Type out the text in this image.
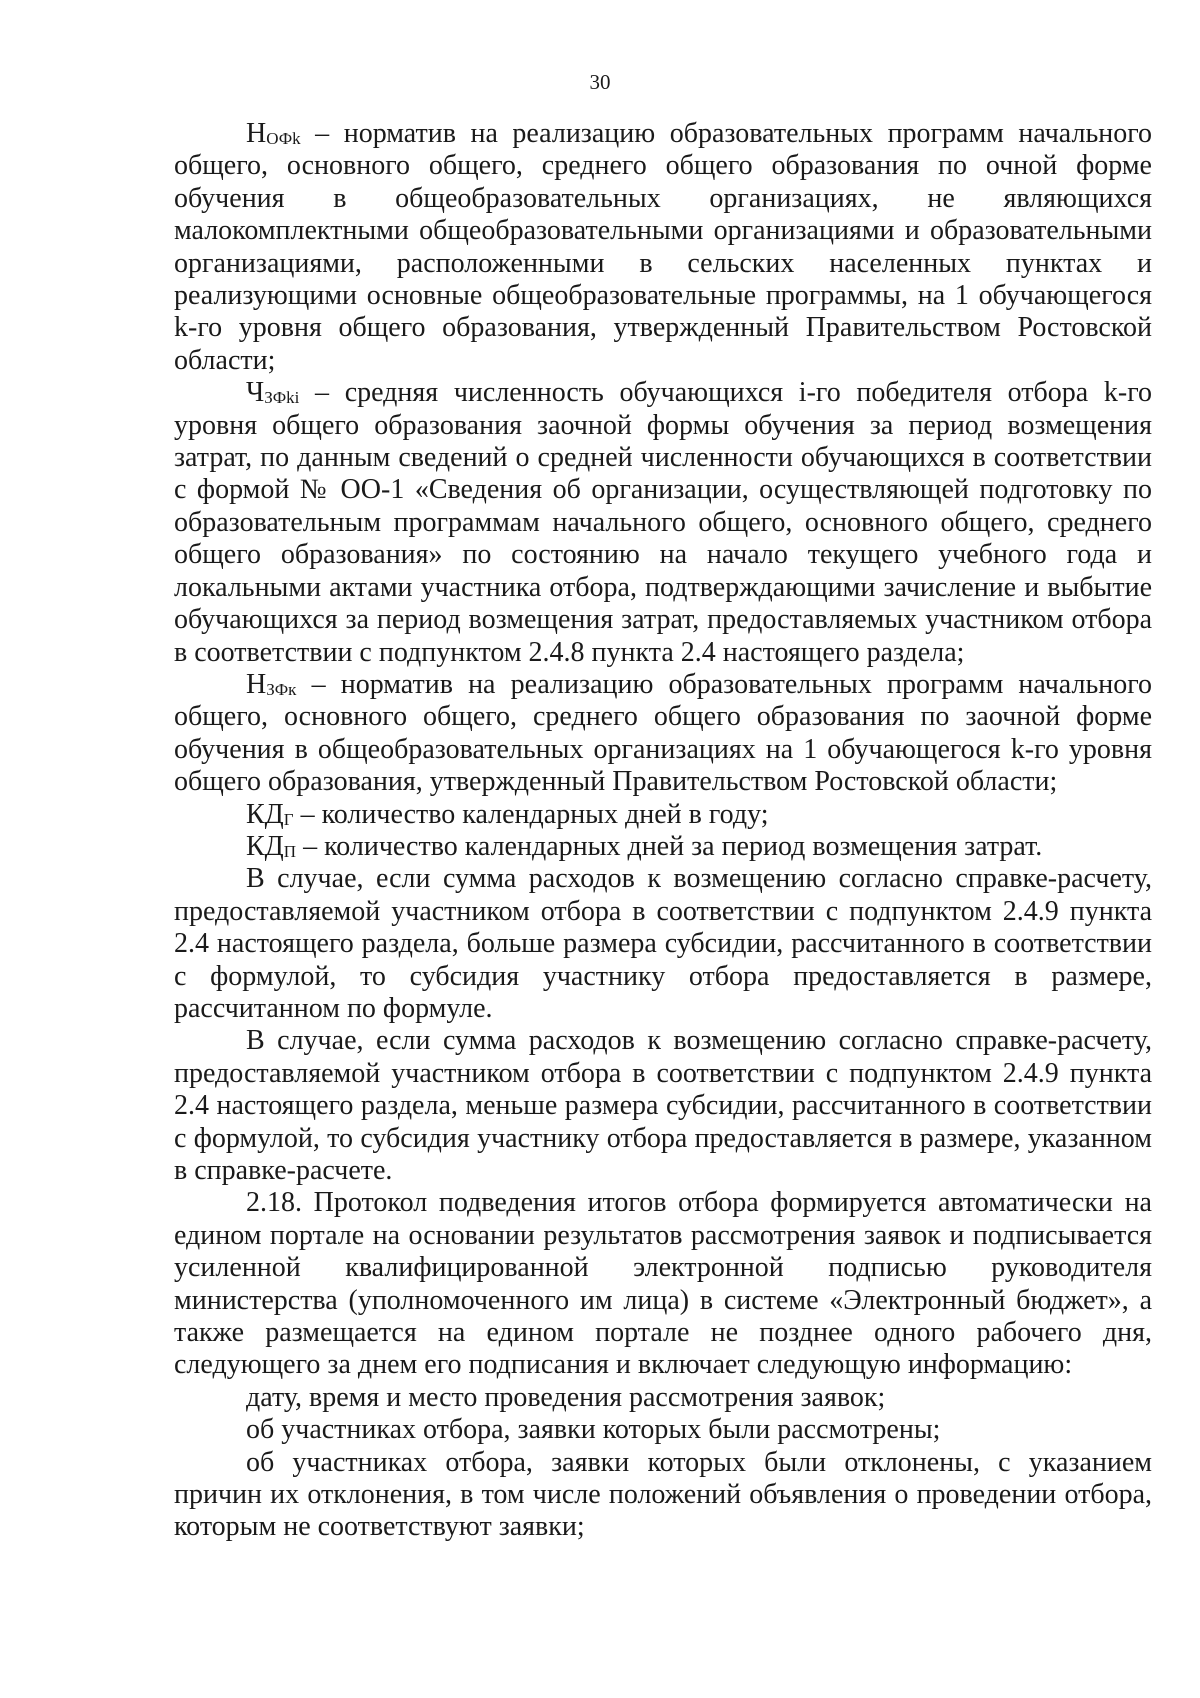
30

НОФk – норматив на реализацию образовательных программ начального общего, основного общего, среднего общего образования по очной форме обучения в общеобразовательных организациях, не являющихся малокомплектными общеобразовательными организациями и образовательными организациями, расположенными в сельских населенных пунктах и реализующими основные общеобразовательные программы, на 1 обучающегося k-го уровня общего образования, утвержденный Правительством Ростовской области;

ЧЗФki – средняя численность обучающихся i-го победителя отбора k-го уровня общего образования заочной формы обучения за период возмещения затрат, по данным сведений о средней численности обучающихся в соответствии с формой № ОО-1 «Сведения об организации, осуществляющей подготовку по образовательным программам начального общего, основного общего, среднего общего образования» по состоянию на начало текущего учебного года и локальными актами участника отбора, подтверждающими зачисление и выбытие обучающихся за период возмещения затрат, предоставляемых участником отбора в соответствии с подпунктом 2.4.8 пункта 2.4 настоящего раздела;

НЗФк – норматив на реализацию образовательных программ начального общего, основного общего, среднего общего образования по заочной форме обучения в общеобразовательных организациях на 1 обучающегося k-го уровня общего образования, утвержденный Правительством Ростовской области;

КДГ – количество календарных дней в году;

КДП – количество календарных дней за период возмещения затрат.

В случае, если сумма расходов к возмещению согласно справке-расчету, предоставляемой участником отбора в соответствии с подпунктом 2.4.9 пункта 2.4 настоящего раздела, больше размера субсидии, рассчитанного в соответствии с формулой, то субсидия участнику отбора предоставляется в размере, рассчитанном по формуле.

В случае, если сумма расходов к возмещению согласно справке-расчету, предоставляемой участником отбора в соответствии с подпунктом 2.4.9 пункта 2.4 настоящего раздела, меньше размера субсидии, рассчитанного в соответствии с формулой, то субсидия участнику отбора предоставляется в размере, указанном в справке-расчете.

2.18. Протокол подведения итогов отбора формируется автоматически на едином портале на основании результатов рассмотрения заявок и подписывается усиленной квалифицированной электронной подписью руководителя министерства (уполномоченного им лица) в системе «Электронный бюджет», а также размещается на едином портале не позднее одного рабочего дня, следующего за днем его подписания и включает следующую информацию:

дату, время и место проведения рассмотрения заявок;

об участниках отбора, заявки которых были рассмотрены;

об участниках отбора, заявки которых были отклонены, с указанием причин их отклонения, в том числе положений объявления о проведении отбора, которым не соответствуют заявки;
